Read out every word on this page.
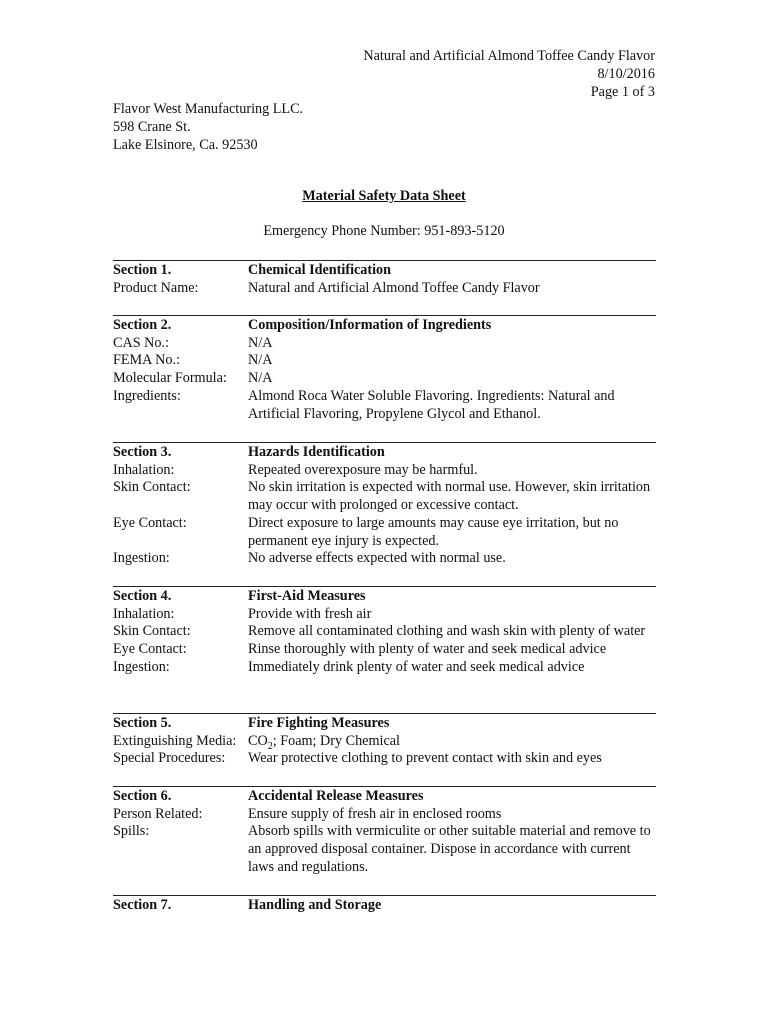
Natural and Artificial Almond Toffee Candy Flavor
8/10/2016
Page 1 of 3
Flavor West Manufacturing LLC.
598 Crane St.
Lake Elsinore, Ca. 92530
Material Safety Data Sheet
Emergency Phone Number: 951-893-5120
Section 1.	Chemical Identification
Product Name:	Natural and Artificial Almond Toffee Candy Flavor
Section 2.	Composition/Information of Ingredients
CAS No.:	N/A
FEMA No.:	N/A
Molecular Formula:	N/A
Ingredients:	Almond Roca Water Soluble Flavoring. Ingredients: Natural and Artificial Flavoring, Propylene Glycol and Ethanol.
Section 3.	Hazards Identification
Inhalation:	Repeated overexposure may be harmful.
Skin Contact:	No skin irritation is expected with normal use. However, skin irritation may occur with prolonged or excessive contact.
Eye Contact:	Direct exposure to large amounts may cause eye irritation, but no permanent eye injury is expected.
Ingestion:	No adverse effects expected with normal use.
Section 4.	First-Aid Measures
Inhalation:	Provide with fresh air
Skin Contact:	Remove all contaminated clothing and wash skin with plenty of water
Eye Contact:	Rinse thoroughly with plenty of water and seek medical advice
Ingestion:	Immediately drink plenty of water and seek medical advice
Section 5.	Fire Fighting Measures
Extinguishing Media: $CO_2$; Foam; Dry Chemical
Special Procedures:	Wear protective clothing to prevent contact with skin and eyes
Section 6.	Accidental Release Measures
Person Related:	Ensure supply of fresh air in enclosed rooms
Spills:	Absorb spills with vermiculite or other suitable material and remove to an approved disposal container. Dispose in accordance with current laws and regulations.
Section 7.	Handling and Storage
